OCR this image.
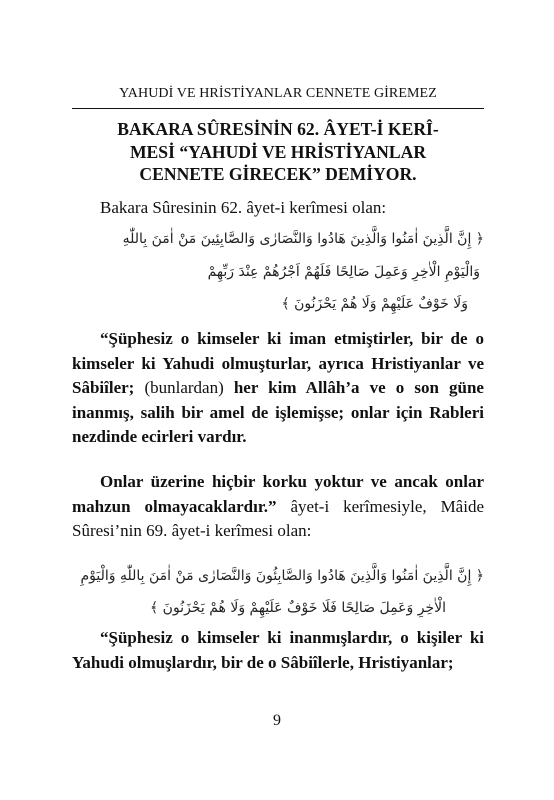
YAHUDİ VE HRİSTİYANLAR CENNETE GİREMEZ
BAKARA SÛRESİNİN 62. ÂYET-İ KERÎ-
MESİ “YAHUDİ VE HRİSTİYANLAR
CENNETE GİRECEK” DEMİYOR.
Bakara Sûresinin 62. âyet-i kerîmesi olan:
﴿ إِنَّ الَّذِينَ اٰمَنُوا وَالَّذِينَ هَادُوا وَالنَّصَارٰى وَالصَّابِئِينَ مَنْ اٰمَنَ بِاللّٰهِ
وَالْيَوْمِ الْاٰخِرِ وَعَمِلَ صَالِحًا فَلَهُمْ اَجْرُهُمْ عِنْدَ رَبِّهِمْ
وَلَا خَوْفٌ عَلَيْهِمْ وَلَا هُمْ يَحْزَنُونَ ﴾
“Şüphesiz o kimseler ki iman etmiştirler, bir de o kimseler ki Yahudi olmuşturlar, ayrıca Hristiyanlar ve Sâbiîler; (bunlardan) her kim Allâh’a ve o son güne inanmış, salih bir amel de işlemişse; onlar için Rableri nezdinde ecirleri vardır.
Onlar üzerine hiçbir korku yoktur ve ancak onlar mahzun olmayacaklardır.” âyet-i kerîmesiyle, Mâide Sûresi’nin 69. âyet-i kerîmesi olan:
﴿ إِنَّ الَّذِينَ اٰمَنُوا وَالَّذِينَ هَادُوا وَالصَّابِئُونَ وَالنَّصَارٰى مَنْ اٰمَنَ بِاللّٰهِ وَالْيَوْمِ
الْاٰخِرِ وَعَمِلَ صَالِحًا فَلَا خَوْفٌ عَلَيْهِمْ وَلَا هُمْ يَحْزَنُونَ ﴾
“Şüphesiz o kimseler ki inanmışlardır, o kişiler ki Yahudi olmuşlardır, bir de o Sâbiîlerle, Hristiyanlar;
9
